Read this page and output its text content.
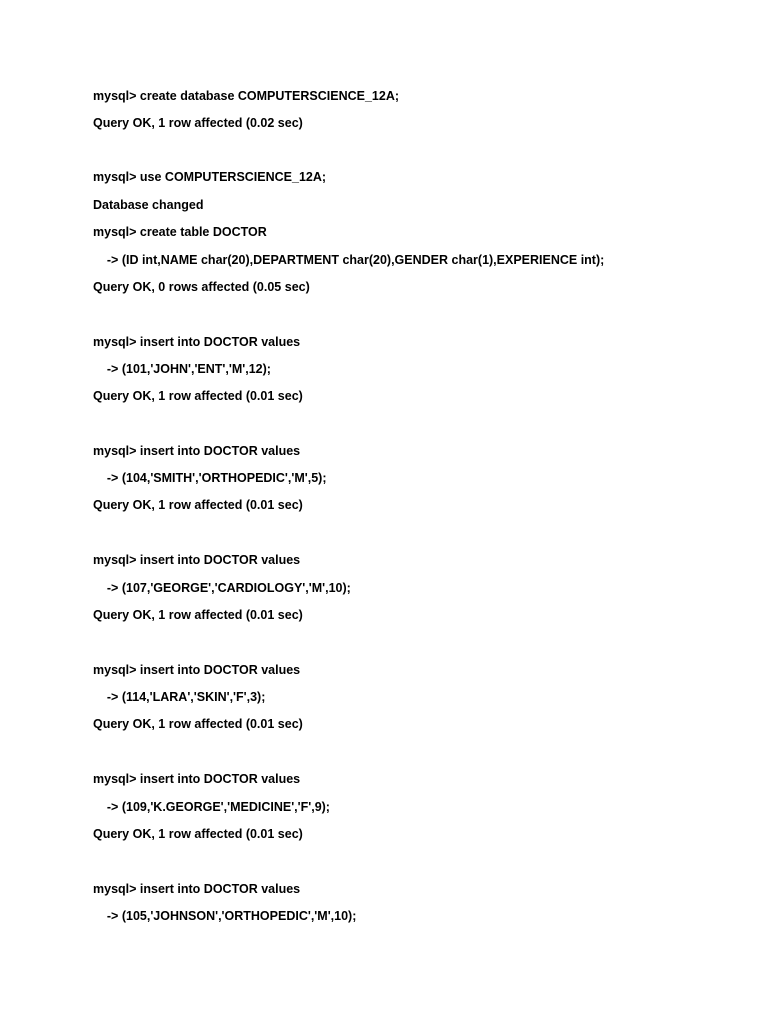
mysql> create database COMPUTERSCIENCE_12A;

Query OK, 1 row affected (0.02 sec)

mysql> use COMPUTERSCIENCE_12A;

Database changed

mysql> create table DOCTOR

-> (ID int,NAME char(20),DEPARTMENT char(20),GENDER char(1),EXPERIENCE int);

Query OK, 0 rows affected (0.05 sec)

mysql> insert into DOCTOR values

-> (101,'JOHN','ENT','M',12);

Query OK, 1 row affected (0.01 sec)

mysql> insert into DOCTOR values

-> (104,'SMITH','ORTHOPEDIC','M',5);

Query OK, 1 row affected (0.01 sec)

mysql> insert into DOCTOR values

-> (107,'GEORGE','CARDIOLOGY','M',10);

Query OK, 1 row affected (0.01 sec)

mysql> insert into DOCTOR values

-> (114,'LARA','SKIN','F',3);

Query OK, 1 row affected (0.01 sec)

mysql> insert into DOCTOR values

-> (109,'K.GEORGE','MEDICINE','F',9);

Query OK, 1 row affected (0.01 sec)

mysql> insert into DOCTOR values

-> (105,'JOHNSON','ORTHOPEDIC','M',10);
